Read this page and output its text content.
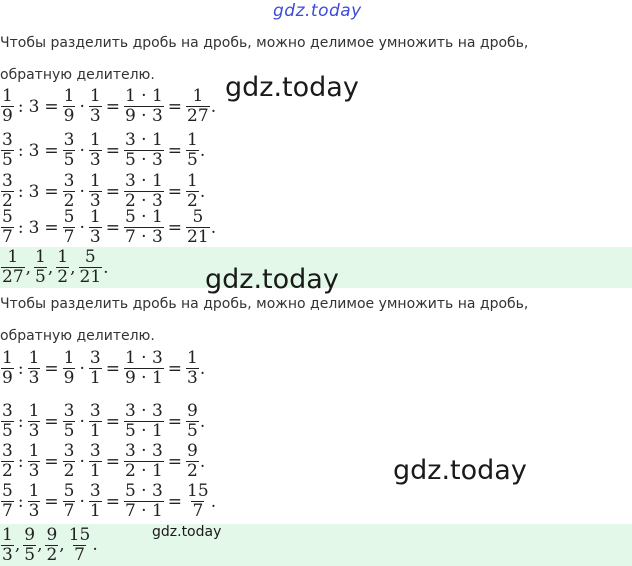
gdz.today
Чтобы разделить дробь на дробь, можно делимое умножить на дробь,
обратную делителю.	gdz.today
$\frac{1}{9}$ : $3 = \frac{1}{9} \cdot \frac{1}{3} = \frac{1 \cdot 1}{9 \cdot 3} = \frac{1}{27}$ .
$\frac{3}{5}$ : $3 = \frac{3}{5} \cdot \frac{1}{3} = \frac{3 \cdot 1}{5 \cdot 3} = \frac{1}{5}$ .
$\frac{3}{2}$ : $3 = \frac{3}{2} \cdot \frac{1}{3} = \frac{3 \cdot 1}{2 \cdot 3} = \frac{1}{2}$ .
$\frac{5}{7}$ : $3 = \frac{5}{7} \cdot \frac{1}{3} = \frac{5 \cdot 1}{7 \cdot 3} = \frac{5}{21}$ .
$\frac{1}{27}$ , $\frac{1}{5}$ , $\frac{1}{2}$ , $\frac{5}{21}$ .	gdz.today
Чтобы разделить дробь на дробь, можно делимое умножить на дробь,
обратную делителю.
$\frac{1}{9}$ : $\frac{1}{3} = \frac{1}{9} \cdot \frac{3}{1} = \frac{1 \cdot 3}{9 \cdot 1} = \frac{1}{3}$ .
$\frac{3}{5}$ : $\frac{1}{3} = \frac{3}{5} \cdot \frac{3}{1} = \frac{3 \cdot 3}{5 \cdot 1} = \frac{9}{5}$ .
$\frac{3}{2}$ : $\frac{1}{3} = \frac{3}{2} \cdot \frac{3}{1} = \frac{3 \cdot 3}{2 \cdot 1} = \frac{9}{2}$ .
$\frac{5}{7}$ : $\frac{1}{3} = \frac{5}{7} \cdot \frac{3}{1} = \frac{5 \cdot 3}{7 \cdot 1} = \frac{15}{7}$ .
gdz.today
$\frac{1}{3}$ , $\frac{9}{5}$ , $\frac{9}{2}$ , $\frac{15}{7}$ .
gdz.today
